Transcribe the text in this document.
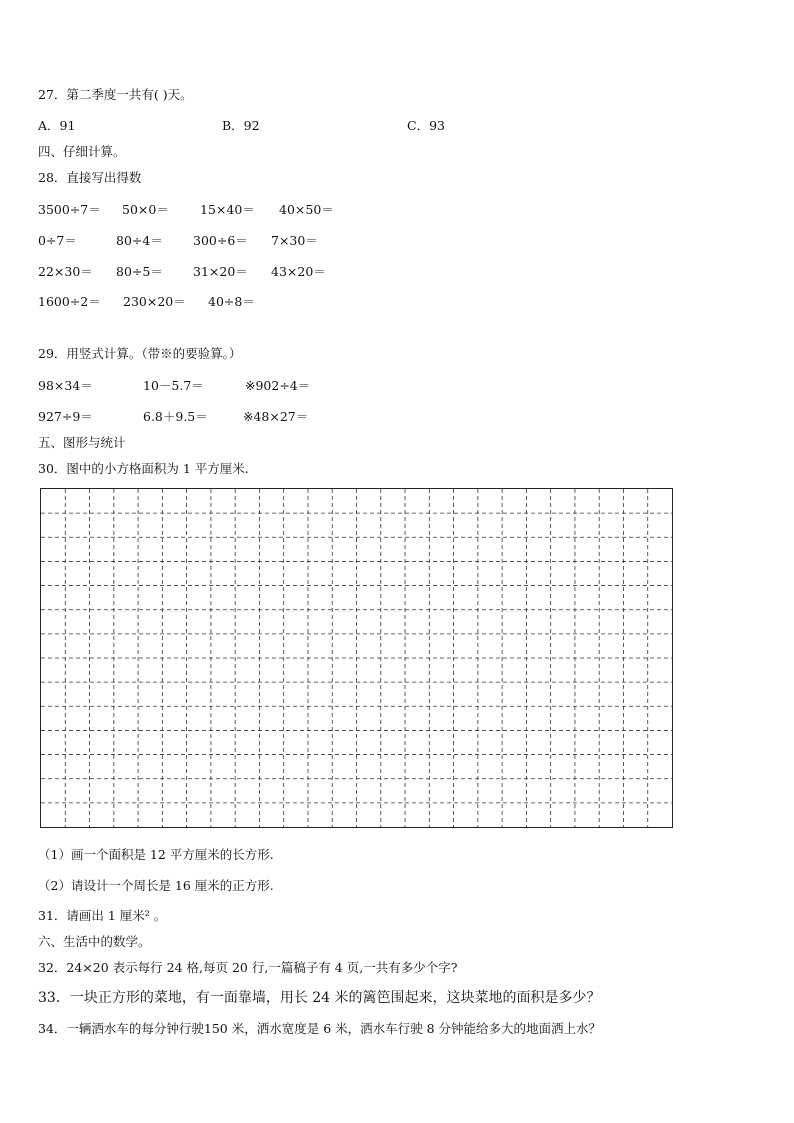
27．第二季度一共有( )天。
A．91	B．92	C．93
四、仔细计算。
28．直接写出得数
3500÷7＝ 50×0＝ 15×40＝ 40×50＝
0÷7＝	80÷4＝ 300÷6＝ 7×30＝
22×30＝ 80÷5＝ 31×20＝ 43×20＝
1600÷2＝ 230×20＝ 40÷8＝
29．用竖式计算。（带※的要验算。）
98×34＝	10－5.7＝	※902÷4＝
927÷9＝	6.8＋9.5＝	※48×27＝
五、图形与统计
30．图中的小方格面积为 1 平方厘米.
（1）画一个面积是 12 平方厘米的长方形.
（2）请设计一个周长是 16 厘米的正方形.
31．请画出 1 厘米² 。
六、生活中的数学。
32．24×20 表示每行 24 格,每页 20 行,一篇稿子有 4 页,一共有多少个字?
33．一块正方形的菜地，有一面靠墙，用长 24 米的篱笆围起来，这块菜地的面积是多少？
34．一辆洒水车的每分钟行驶150 米，洒水宽度是 6 米，洒水车行驶 8 分钟能给多大的地面洒上水？
